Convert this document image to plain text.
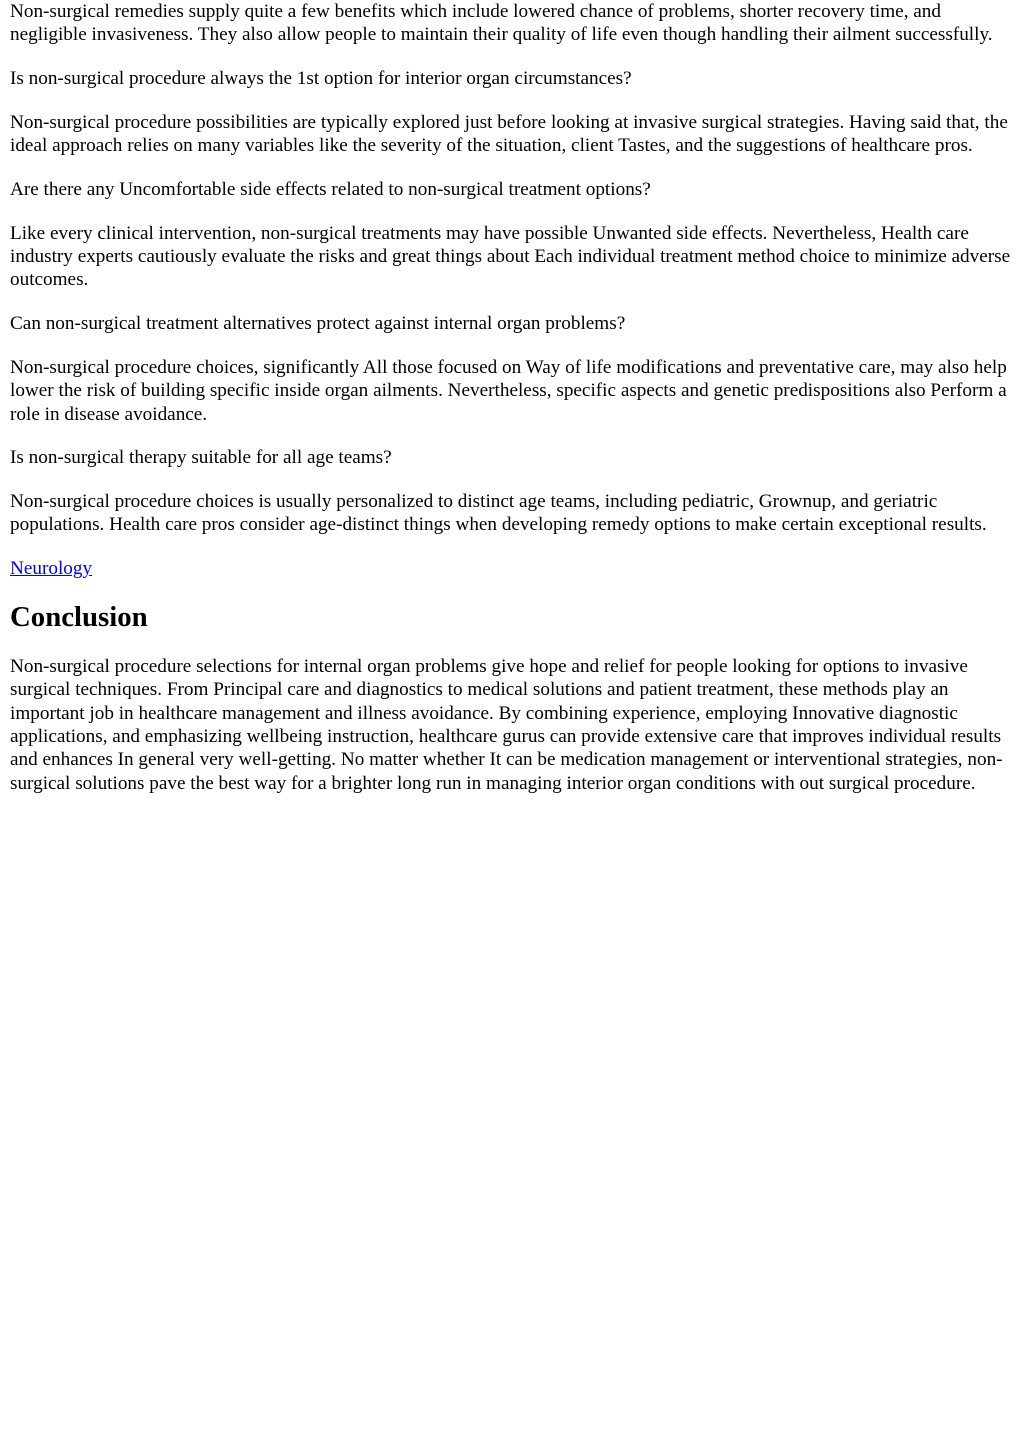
Non-surgical remedies supply quite a few benefits which include lowered chance of problems, shorter recovery time, and negligible invasiveness. They also allow people to maintain their quality of life even though handling their ailment successfully.

Is non-surgical procedure always the 1st option for interior organ circumstances?

Non-surgical procedure possibilities are typically explored just before looking at invasive surgical strategies. Having said that, the ideal approach relies on many variables like the severity of the situation, client Tastes, and the suggestions of healthcare pros.

Are there any Uncomfortable side effects related to non-surgical treatment options?

Like every clinical intervention, non-surgical treatments may have possible Unwanted side effects. Nevertheless, Health care industry experts cautiously evaluate the risks and great things about Each individual treatment method choice to minimize adverse outcomes.

Can non-surgical treatment alternatives protect against internal organ problems?

Non-surgical procedure choices, significantly All those focused on Way of life modifications and preventative care, may also help lower the risk of building specific inside organ ailments. Nevertheless, specific aspects and genetic predispositions also Perform a role in disease avoidance.

Is non-surgical therapy suitable for all age teams?

Non-surgical procedure choices is usually personalized to distinct age teams, including pediatric, Grownup, and geriatric populations. Health care pros consider age-distinct things when developing remedy options to make certain exceptional results.

Neurology

Conclusion

Non-surgical procedure selections for internal organ problems give hope and relief for people looking for options to invasive surgical techniques. From Principal care and diagnostics to medical solutions and patient treatment, these methods play an important job in healthcare management and illness avoidance. By combining experience, employing Innovative diagnostic applications, and emphasizing wellbeing instruction, healthcare gurus can provide extensive care that improves individual results and enhances In general very well-getting. No matter whether It can be medication management or interventional strategies, non-surgical solutions pave the best way for a brighter long run in managing interior organ conditions with out surgical procedure.
